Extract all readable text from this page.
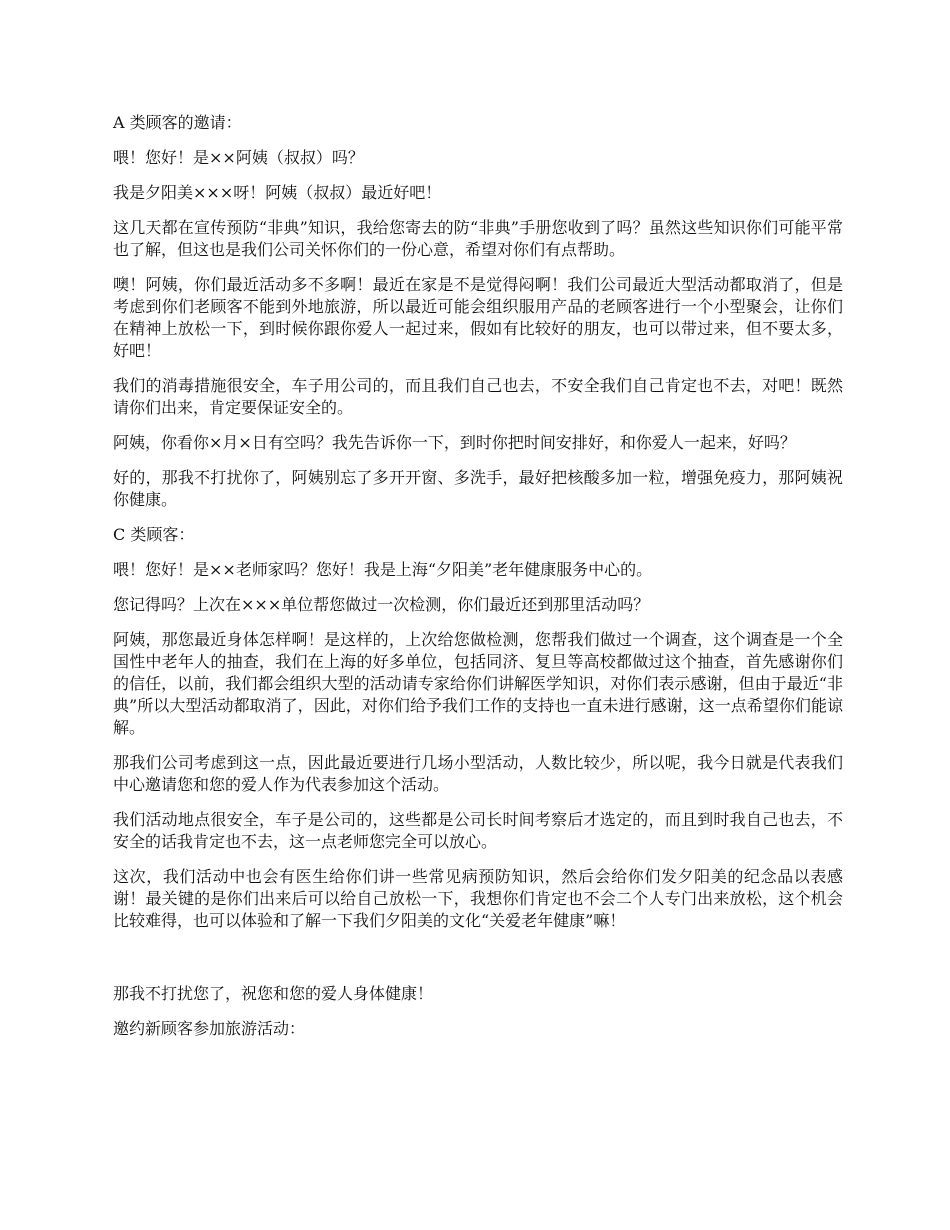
A 类顾客的邀请：

喂！您好！是××阿姨（叔叔）吗？

我是夕阳美×××呀！阿姨（叔叔）最近好吧！

这几天都在宣传预防“非典”知识，我给您寄去的防“非典”手册您收到了吗？虽然这些知识你们可能平常也了解，但这也是我们公司关怀你们的一份心意，希望对你们有点帮助。

噢！阿姨，你们最近活动多不多啊！最近在家是不是觉得闷啊！我们公司最近大型活动都取消了，但是考虑到你们老顾客不能到外地旅游，所以最近可能会组织服用产品的老顾客进行一个小型聚会，让你们在精神上放松一下，到时候你跟你爱人一起过来，假如有比较好的朋友，也可以带过来，但不要太多，好吧！

我们的消毒措施很安全，车子用公司的，而且我们自己也去，不安全我们自己肯定也不去，对吧！既然请你们出来，肯定要保证安全的。

阿姨，你看你×月×日有空吗？我先告诉你一下，到时你把时间安排好，和你爱人一起来，好吗？

好的，那我不打扰你了，阿姨别忘了多开开窗、多洗手，最好把核酸多加一粒，增强免疫力，那阿姨祝你健康。

C 类顾客：

喂！您好！是××老师家吗？您好！我是上海“夕阳美”老年健康服务中心的。

您记得吗？上次在×××单位帮您做过一次检测，你们最近还到那里活动吗？

阿姨，那您最近身体怎样啊！是这样的，上次给您做检测，您帮我们做过一个调查，这个调查是一个全国性中老年人的抽查，我们在上海的好多单位，包括同济、复旦等高校都做过这个抽查，首先感谢你们的信任，以前，我们都会组织大型的活动请专家给你们讲解医学知识，对你们表示感谢，但由于最近“非典”所以大型活动都取消了，因此，对你们给予我们工作的支持也一直未进行感谢，这一点希望你们能谅解。

那我们公司考虑到这一点，因此最近要进行几场小型活动，人数比较少，所以呢，我今日就是代表我们中心邀请您和您的爱人作为代表参加这个活动。

我们活动地点很安全，车子是公司的，这些都是公司长时间考察后才选定的，而且到时我自己也去，不安全的话我肯定也不去，这一点老师您完全可以放心。

这次，我们活动中也会有医生给你们讲一些常见病预防知识，然后会给你们发夕阳美的纪念品以表感谢！最关键的是你们出来后可以给自己放松一下，我想你们肯定也不会二个人专门出来放松，这个机会比较难得，也可以体验和了解一下我们夕阳美的文化“关爱老年健康”嘛！

那我不打扰您了，祝您和您的爱人身体健康！

邀约新顾客参加旅游活动：
